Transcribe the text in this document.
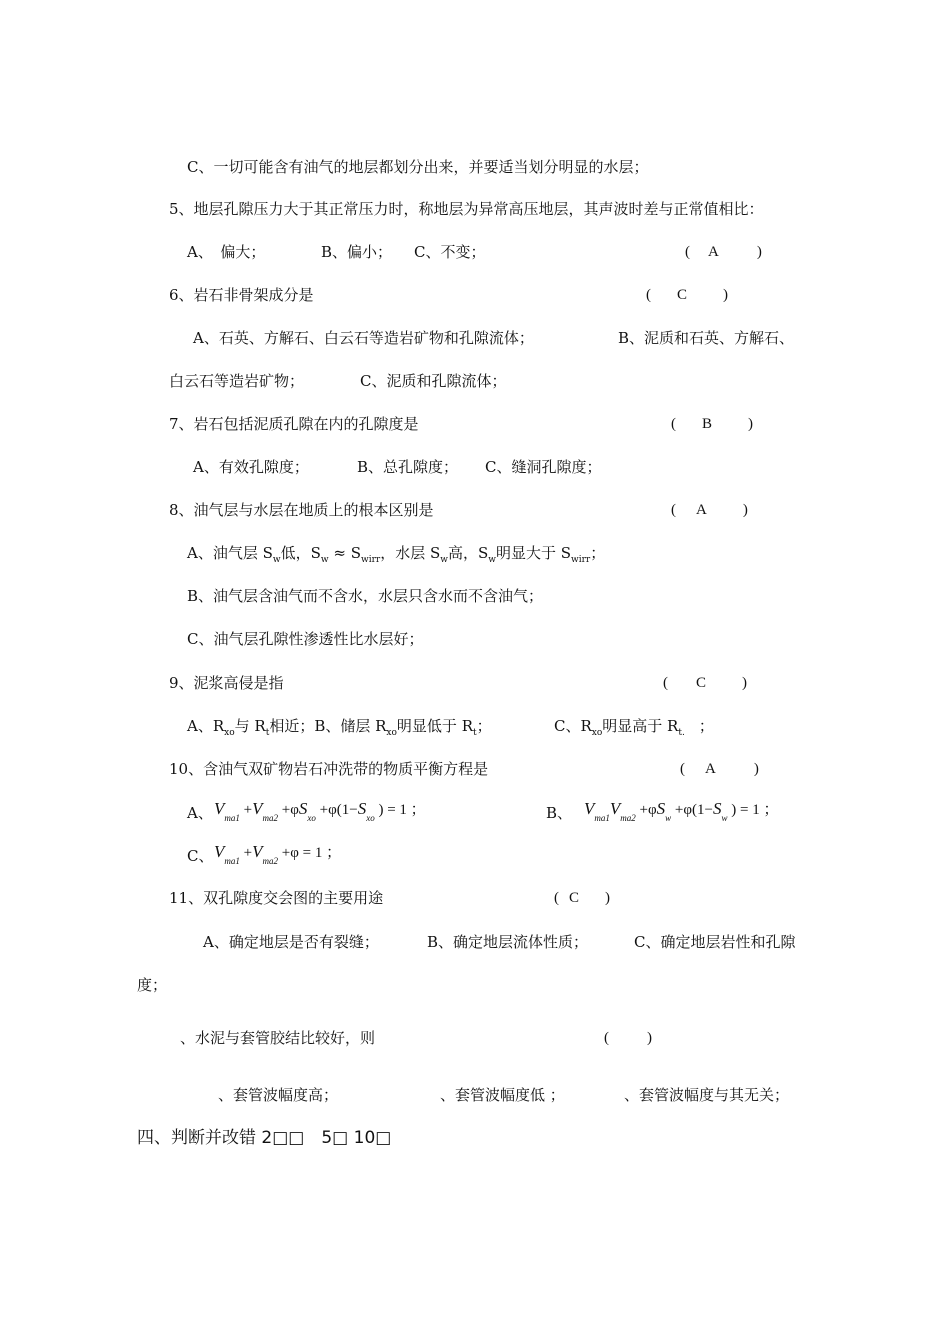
C、一切可能含有油气的地层都划分出来，并要适当划分明显的水层；
5、地层孔隙压力大于其正常压力时，称地层为异常高压地层，其声波时差与正常值相比：
A、　偏大；	B、偏小； C、不变；	( A	)
6、岩石非骨架成分是	( C )
A、石英、方解石、白云石等造岩矿物和孔隙流体；	B、泥质和石英、方解石、
白云石等造岩矿物；	C、泥质和孔隙流体；
7、岩石包括泥质孔隙在内的孔隙度是	( B )
A、有效孔隙度；	B、总孔隙度； C、缝洞孔隙度；
8、油气层与水层在地质上的根本区别是	( A )
A、油气层 $S_w$低，$S_w \approx S_{wirr}$，水层 $S_w$高，$S_w$明显大于 $S_{wirr}$；
B、油气层含油气而不含水，水层只含水而不含油气；
C、油气层孔隙性渗透性比水层好；
9、泥浆高侵是指	( C )
A、$R_{xo}$与 $R_t$相近；B、储层 $R_{xo}$明显低于 $R_t$；	C、$R_{xo}$明显高于 $R_{t.}$ ；
10、含油气双矿物岩石冲洗带的物质平衡方程是	( A	)
A、 $V_{ma1} +V_{ma2} +\varphi S_{xo} +\varphi(1-S_{xo}$ ) = 1 ；	B、 $V_{ma1}V_{ma2} +\varphi S_w +\varphi(1-S_w$ ) = 1 ；
C、 $V_{ma1} +V_{ma2} +\varphi = 1$ ；
11、双孔隙度交会图的主要用途	( C )
A、确定地层是否有裂缝；	B、确定地层流体性质；	C、确定地层岩性和孔隙
度；
、水泥与套管胶结比较好，则	(	)
、套管波幅度高；	、套管波幅度低 ；	、套管波幅度与其无关；
四、判断并改错 2□□　5□ 10□
